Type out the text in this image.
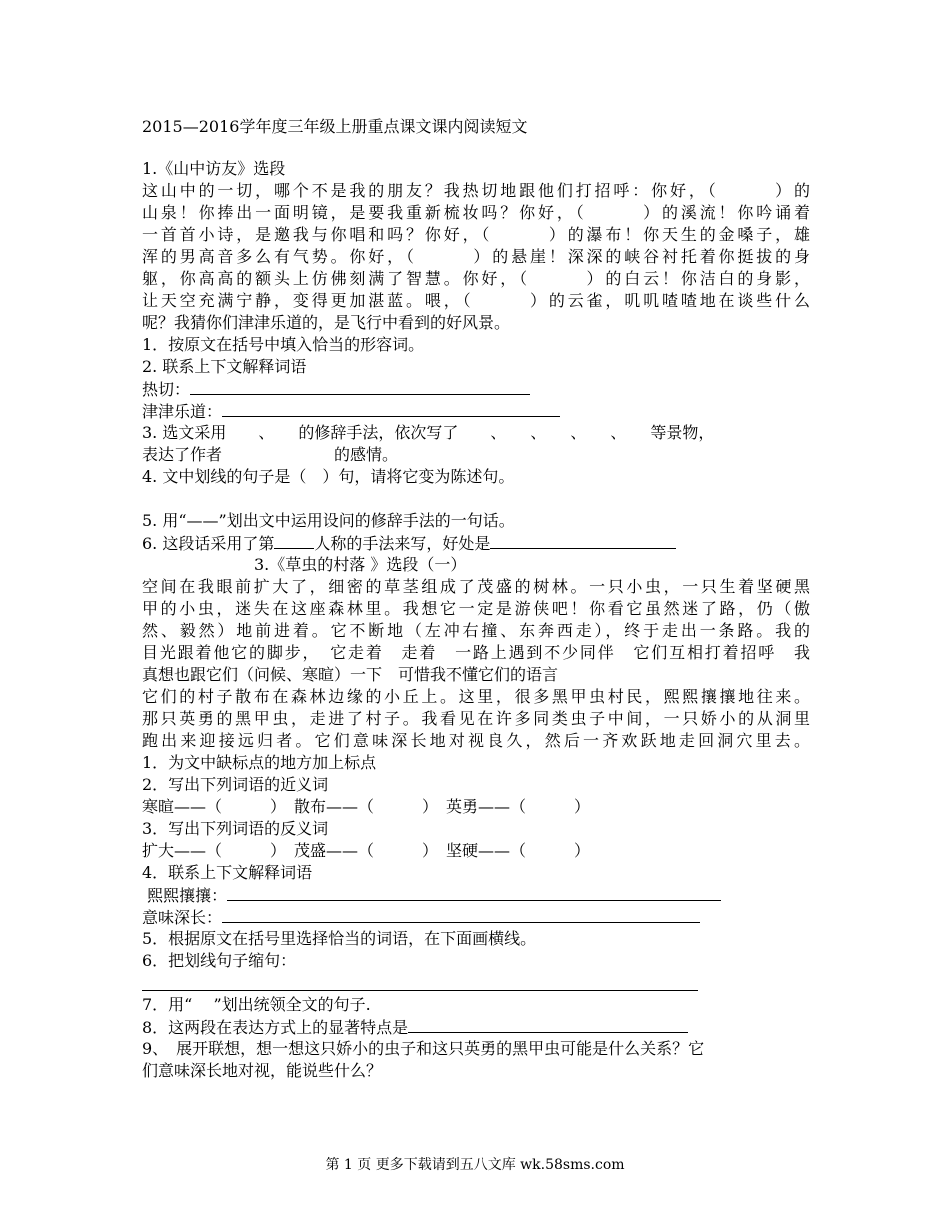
2015—2016学年度三年级上册重点课文课内阅读短文

1.《山中访友》选段

这山中的一切，哪个不是我的朋友？我热切地跟他们打招呼：你好，（　　　）的

山泉！你捧出一面明镜，是要我重新梳妆吗？你好，（　　　）的溪流！你吟诵着

一首首小诗，是邀我与你唱和吗？你好，（　　　）的瀑布！你天生的金嗓子，雄

浑的男高音多么有气势。你好，（　　　）的悬崖！深深的峡谷衬托着你挺拔的身

躯，你高高的额头上仿佛刻满了智慧。你好，（　　　）的白云！你洁白的身影，

让天空充满宁静，变得更加湛蓝。喂，（　　　）的云雀，叽叽喳喳地在谈些什么

呢？我猜你们津津乐道的，是飞行中看到的好风景。

1．按原文在括号中填入恰当的形容词。

2. 联系上下文解释词语

热切：

津津乐道：

3. 选文采用　　、　　的修辞手法，依次写了　　、　　、　　、　　、　　等景物，

表达了作者　　　　　　　的感情。

4. 文中划线的句子是（　）句，请将它变为陈述句。

5. 用“——”划出文中运用设问的修辞手法的一句话。

6. 这段话采用了第	人称的手法来写，好处是

3.《草虫的村落 》选段（一）

空间在我眼前扩大了，细密的草茎组成了茂盛的树林。一只小虫，一只生着坚硬黑

甲的小虫，迷失在这座森林里。我想它一定是游侠吧！你看它虽然迷了路，仍（傲

然、毅然）地前进着。它不断地（左冲右撞、东奔西走），终于走出一条路。我的

目光跟着他它的脚步，　它走着　走着　一路上遇到不少同伴　它们互相打着招呼　我

真想也跟它们（问候、寒暄）一下　可惜我不懂它们的语言

它们的村子散布在森林边缘的小丘上。这里，很多黑甲虫村民，熙熙攘攘地往来。

那只英勇的黑甲虫，走进了村子。我看见在许多同类虫子中间，一只娇小的从洞里

跑出来迎接远归者。它们意味深长地对视良久，然后一齐欢跃地走回洞穴里去。

1．为文中缺标点的地方加上标点

2．写出下列词语的近义词

寒暄——（　　　）　散布——（　　　）　英勇——（　　　）

3．写出下列词语的反义词

扩大——（　　　）　茂盛——（　　　）　坚硬——（　　　）

4．联系上下文解释词语

熙熙攘攘：

意味深长：

5．根据原文在括号里选择恰当的词语，在下面画横线。

6．把划线句子缩句：

7．用“　 ”划出统领全文的句子.

8．这两段在表达方式上的显著特点是

9、　展开联想，想一想这只娇小的虫子和这只英勇的黑甲虫可能是什么关系？它

们意味深长地对视，能说些什么？

第 1 页 更多下载请到五八文库 wk.58sms.com
